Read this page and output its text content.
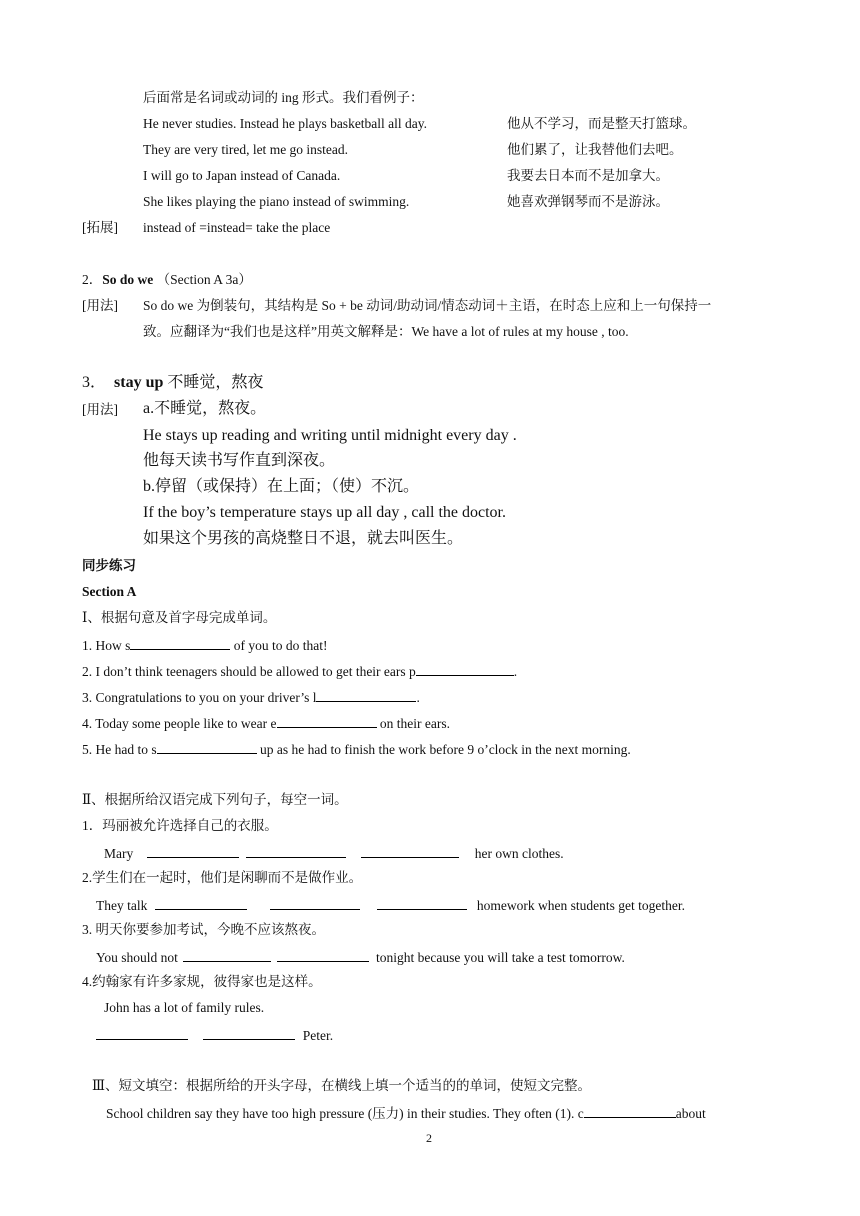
后面常是名词或动词的 ing 形式。我们看例子：
He never studies. Instead he plays basketball all day.	他从不学习，而是整天打篮球。
They are very tired, let me go instead.	他们累了，让我替他们去吧。
I will go to Japan instead of Canada.	我要去日本而不是加拿大。
She likes playing the piano instead of swimming.	她喜欢弹钢琴而不是游泳。
[拓展] instead of =instead= take the place
2．So do we （Section A 3a）
[用法] So do we 为倒装句，其结构是 So + be 动词/助动词/情态动词＋主语，在时态上应和上一句保持一
致。应翻译为“我们也是这样”用英文解释是：We have a lot of rules at my house , too.
3． stay up 不睡觉，熬夜
[用法] a.不睡觉，熬夜。
He stays up reading and writing until midnight every day .
他每天读书写作直到深夜。
b.停留（或保持）在上面；（使）不沉。
If the boy’s temperature stays up all day , call the doctor.
如果这个男孩的高烧整日不退，就去叫医生。
同步练习
Section A
Ⅰ、根据句意及首字母完成单词。
1. How s	of you to do that!
2. I don’t think teenagers should be allowed to get their ears p	.
3. Congratulations to you on your driver’s l	.
4. Today some people like to wear e	on their ears.
5. He had to s	up as he had to finish the work before 9 o’clock in the next morning.
Ⅱ、根据所给汉语完成下列句子，每空一词。
1．玛丽被允许选择自己的衣服。
Mary	her own clothes.
2.学生们在一起时，他们是闲聊而不是做作业。
They talk	homework when students get together.
3. 明天你要参加考试，今晚不应该熬夜。
You should not	tonight because you will take a test tomorrow.
4.约翰家有许多家规，彼得家也是这样。
John has a lot of family rules.
Peter.
Ⅲ、短文填空：根据所给的开头字母，在横线上填一个适当的的单词，使短文完整。
School children say they have too high pressure (压力) in their studies. They often (1). c	about
2
